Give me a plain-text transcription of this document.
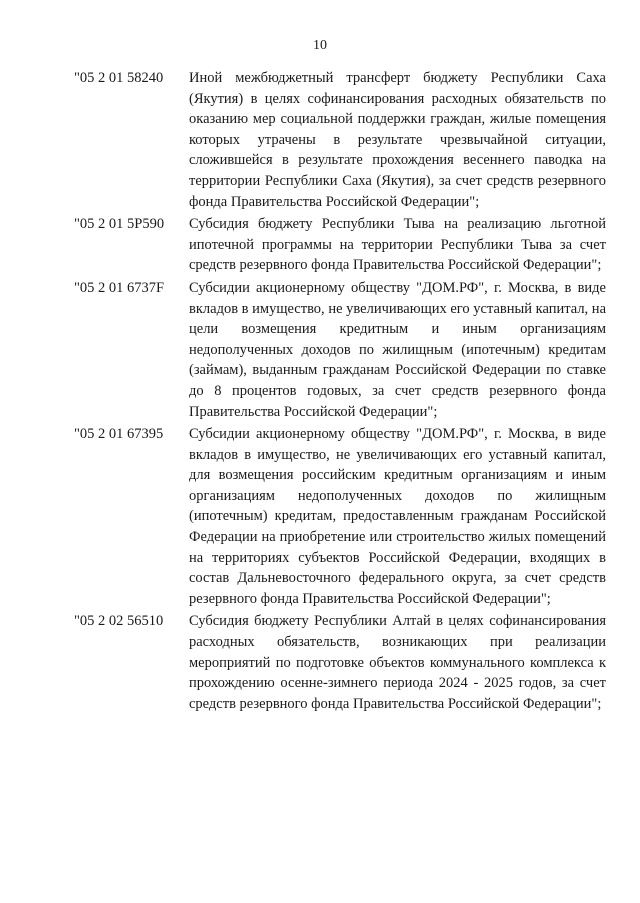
10
"05 2 01 58240	Иной межбюджетный трансферт бюджету Республики Саха (Якутия) в целях софинансирования расходных обязательств по оказанию мер социальной поддержки граждан, жилые помещения которых утрачены в результате чрезвычайной ситуации, сложившейся в результате прохождения весеннего паводка на территории Республики Саха (Якутия), за счет средств резервного фонда Правительства Российской Федерации";
"05 2 01 5P590	Субсидия бюджету Республики Тыва на реализацию льготной ипотечной программы на территории Республики Тыва за счет средств резервного фонда Правительства Российской Федерации";
"05 2 01 6737F	Субсидии акционерному обществу "ДОМ.РФ", г. Москва, в виде вкладов в имущество, не увеличивающих его уставный капитал, на цели возмещения кредитным и иным организациям недополученных доходов по жилищным (ипотечным) кредитам (займам), выданным гражданам Российской Федерации по ставке до 8 процентов годовых, за счет средств резервного фонда Правительства Российской Федерации";
"05 2 01 67395	Субсидии акционерному обществу "ДОМ.РФ", г. Москва, в виде вкладов в имущество, не увеличивающих его уставный капитал, для возмещения российским кредитным организациям и иным организациям недополученных доходов по жилищным (ипотечным) кредитам, предоставленным гражданам Российской Федерации на приобретение или строительство жилых помещений на территориях субъектов Российской Федерации, входящих в состав Дальневосточного федерального округа, за счет средств резервного фонда Правительства Российской Федерации";
"05 2 02 56510	Субсидия бюджету Республики Алтай в целях софинансирования расходных обязательств, возникающих при реализации мероприятий по подготовке объектов коммунального комплекса к прохождению осенне-зимнего периода 2024 - 2025 годов, за счет средств резервного фонда Правительства Российской Федерации";
